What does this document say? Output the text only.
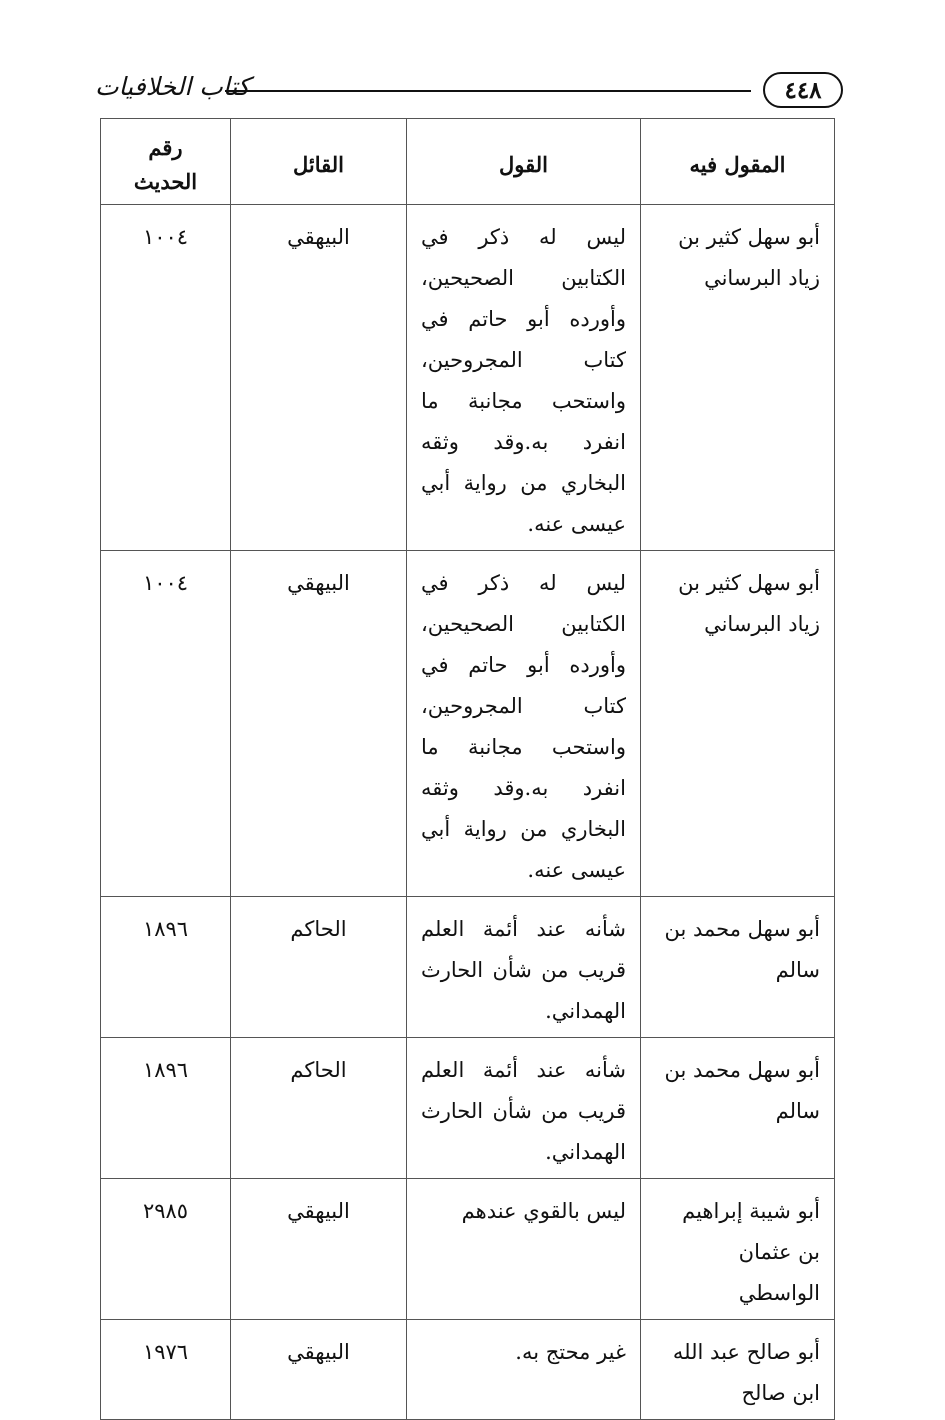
٤٤٨
كتاب الخلافيات
المقول فيه	القول	القائل	رقم الحديث
أبو سهل كثير بن زياد البرساني	ليس له ذكر في الكتابين الصحيحين، وأورده أبو حاتم في كتاب المجروحين، واستحب مجانبة ما انفرد به.وقد وثقه البخاري من رواية أبي عيسى عنه.	البيهقي	١٠٠٤
أبو سهل كثير بن زياد البرساني	ليس له ذكر في الكتابين الصحيحين، وأورده أبو حاتم في كتاب المجروحين، واستحب مجانبة ما انفرد به.وقد وثقه البخاري من رواية أبي عيسى عنه.	البيهقي	١٠٠٤
أبو سهل محمد بن سالم	شأنه عند أئمة العلم قريب من شأن الحارث الهمداني.	الحاكم	١٨٩٦
أبو سهل محمد بن سالم	شأنه عند أئمة العلم قريب من شأن الحارث الهمداني.	الحاكم	١٨٩٦
أبو شيبة إبراهيم بن عثمان الواسطي	ليس بالقوي عندهم	البيهقي	٢٩٨٥
أبو صالح عبد الله ابن صالح	غير محتج به.	البيهقي	١٩٧٦
